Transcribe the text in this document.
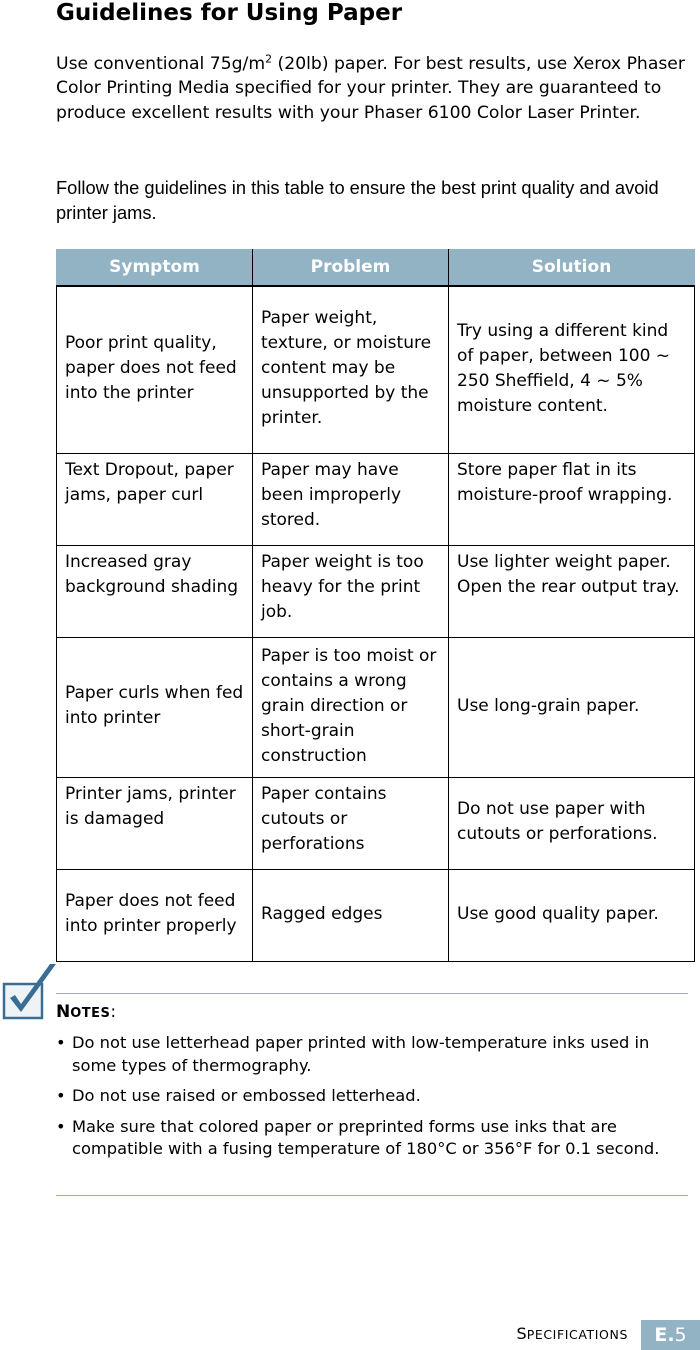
Guidelines for Using Paper

Use conventional $75g/m^2$ (20lb) paper. For best results, use Xerox Phaser Color Printing Media specified for your printer. They are guaranteed to produce excellent results with your Phaser 6100 Color Laser Printer.

Follow the guidelines in this table to ensure the best print quality and avoid printer jams.

Symptom	Problem	Solution
Poor print quality, paper does not feed into the printer	Paper weight, texture, or moisture content may be unsupported by the printer.	Try using a different kind of paper, between 100 ~ 250 Sheffield, 4 ~ 5% moisture content.
Text Dropout, paper jams, paper curl	Paper may have been improperly stored.	Store paper flat in its moisture-proof wrapping.
Increased gray background shading	Paper weight is too heavy for the print job.	Use lighter weight paper. Open the rear output tray.
Paper curls when fed into printer	Paper is too moist or contains a wrong grain direction or short-grain construction	Use long-grain paper.
Printer jams, printer is damaged	Paper contains cutouts or perforations	Do not use paper with cutouts or perforations.
Paper does not feed into printer properly	Ragged edges	Use good quality paper.

NOTES:

• Do not use letterhead paper printed with low-temperature inks used in some types of thermography.
• Do not use raised or embossed letterhead.
• Make sure that colored paper or preprinted forms use inks that are compatible with a fusing temperature of 180°C or 356°F for 0.1 second.
SPECIFICATIONS	E.5
